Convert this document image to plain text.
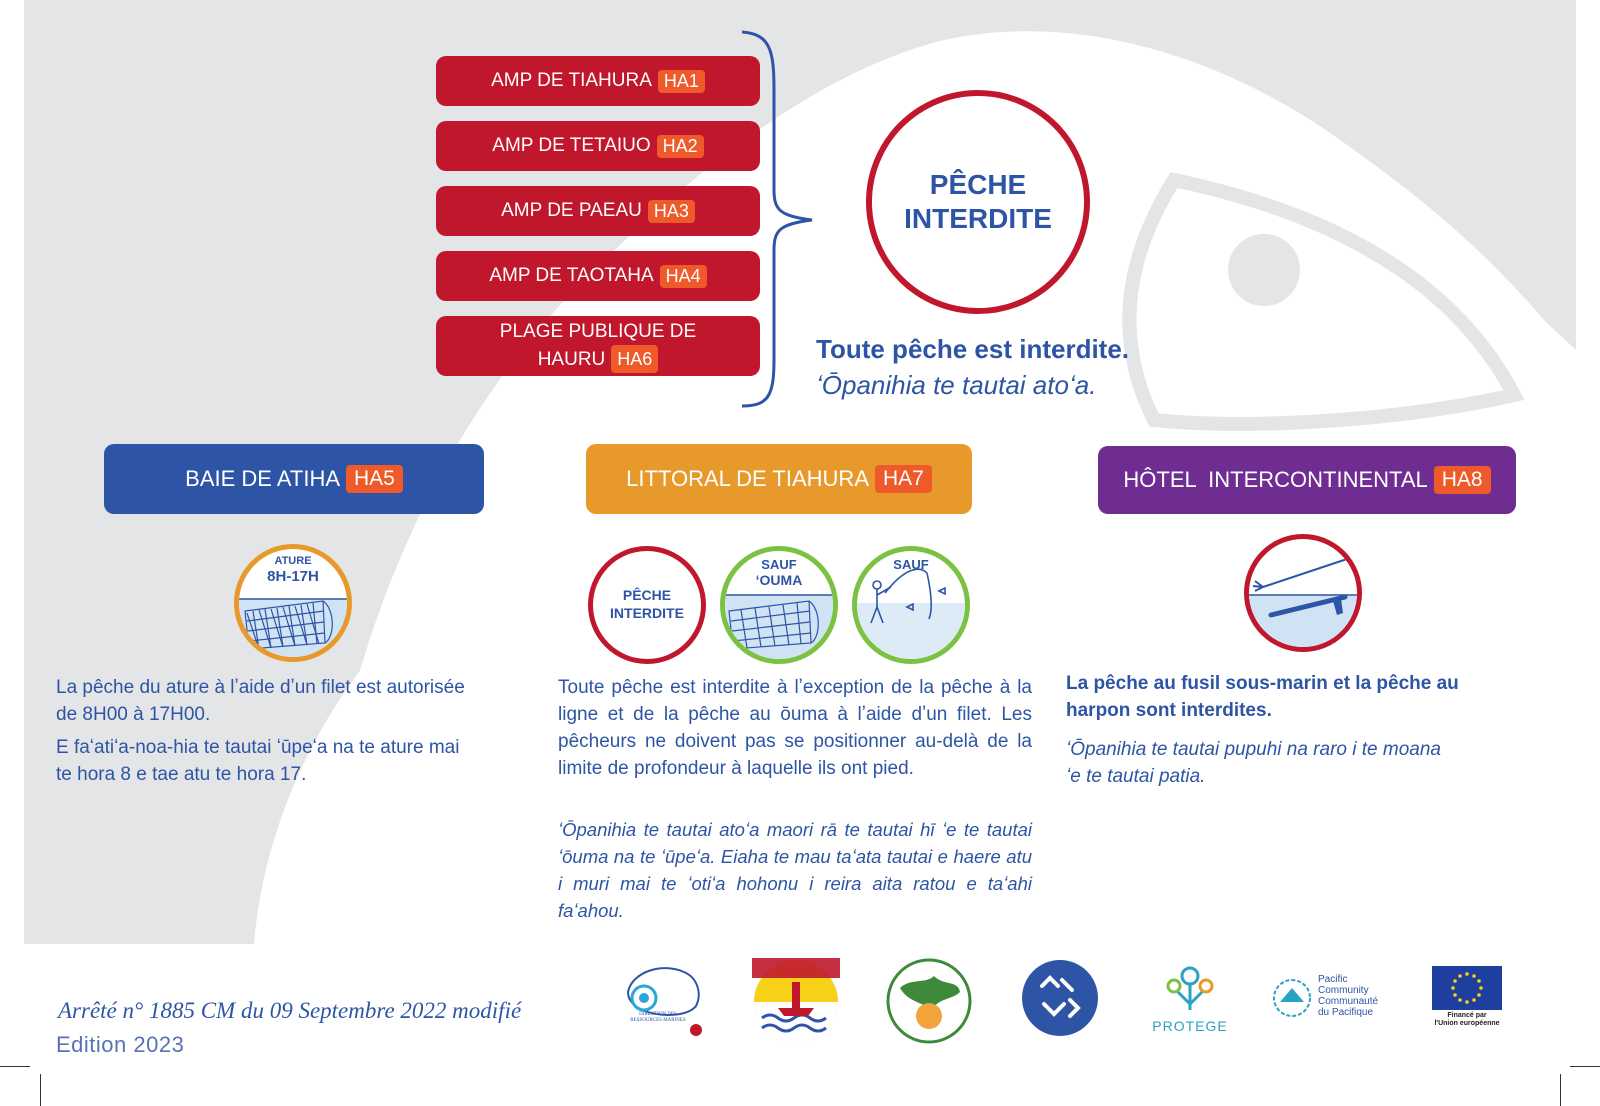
AMP DE TIAHURA HA1
AMP DE TETAIUO HA2
AMP DE PAEAU HA3
AMP DE TAOTAHA HA4
PLAGE PUBLIQUE DE
HAURU HA6
PÊCHE
INTERDITE
Toute pêche est interdite.
ʻŌpanihia te tautai atoʻa.
BAIE DE ATIHA HA5	LITTORAL DE TIAHURA HA7	HÔTEL  INTERCONTINENTAL HA8
ATURE
8H-17H
PÊCHE
INTERDITE
SAUF
ʻOUMA
SAUF
La pêche du ature à lʼaide dʼun filet est autorisée
de 8H00 à 17H00.
E faʻatiʻa-noa-hia te tautai ʻūpeʻa na te ature mai
te hora 8 e tae atu te hora 17.
Toute pêche est interdite à lʼexception de la pêche à la ligne et de la pêche au ōuma à lʼaide dʼun filet. Les pêcheurs ne doivent pas se positionner au-delà de la limite de profondeur à laquelle ils ont pied.
ʻŌpanihia te tautai atoʻa maori rā te tautai hī ʻe te tautai ʻōuma na te ʻūpeʻa. Eiaha te mau taʻata tautai e haere atu i muri mai te ʻotiʻa hohonu i reira aita ratou e taʻahi faʻahou.
La pêche au fusil sous-marin et la pêche au
harpon sont interdites.
ʻŌpanihia te tautai pupuhi na raro i te moana
ʻe te tautai patia.
Arrêté n° 1885 CM du 09 Septembre 2022 modifié
Edition 2023
DIRECTION DES
RESSOURCES MARINES	PROTEGE
Pacific
Community
Communauté
du Pacifique	Financé par
l'Union européenne
